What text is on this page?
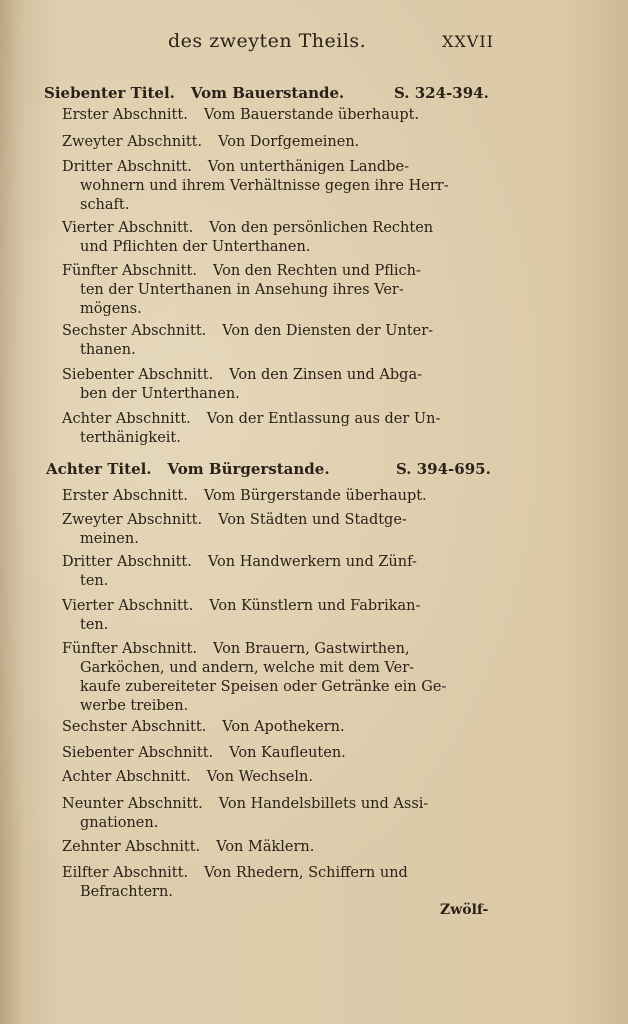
des zweyten Theils.	XXVII
Siebenter Titel. Vom Bauerstande.	S. 324-394.
Erster Abschnitt. Vom Bauerstande überhaupt.
Zweyter Abschnitt. Von Dorfgemeinen.
Dritter Abschnitt. Von unterthänigen Landbe-
wohnern und ihrem Verhältnisse gegen ihre Herr-
schaft.
Vierter Abschnitt. Von den persönlichen Rechten
und Pflichten der Unterthanen.
Fünfter Abschnitt. Von den Rechten und Pflich-
ten der Unterthanen in Ansehung ihres Ver-
mögens.
Sechster Abschnitt. Von den Diensten der Unter-
thanen.
Siebenter Abschnitt. Von den Zinsen und Abga-
ben der Unterthanen.
Achter Abschnitt. Von der Entlassung aus der Un-
terthänigkeit.
Achter Titel. Vom Bürgerstande.	S. 394-695.
Erster Abschnitt. Vom Bürgerstande überhaupt.
Zweyter Abschnitt. Von Städten und Stadtge-
meinen.
Dritter Abschnitt. Von Handwerkern und Zünf-
ten.
Vierter Abschnitt. Von Künstlern und Fabrikan-
ten.
Fünfter Abschnitt. Von Brauern, Gastwirthen,
Garköchen, und andern, welche mit dem Ver-
kaufe zubereiteter Speisen oder Getränke ein Ge-
werbe treiben.
Sechster Abschnitt. Von Apothekern.
Siebenter Abschnitt. Von Kaufleuten.
Achter Abschnitt. Von Wechseln.
Neunter Abschnitt. Von Handelsbillets und Assi-
gnationen.
Zehnter Abschnitt. Von Mäklern.
Eilfter Abschnitt. Von Rhedern, Schiffern und
Befrachtern.
Zwölf-
